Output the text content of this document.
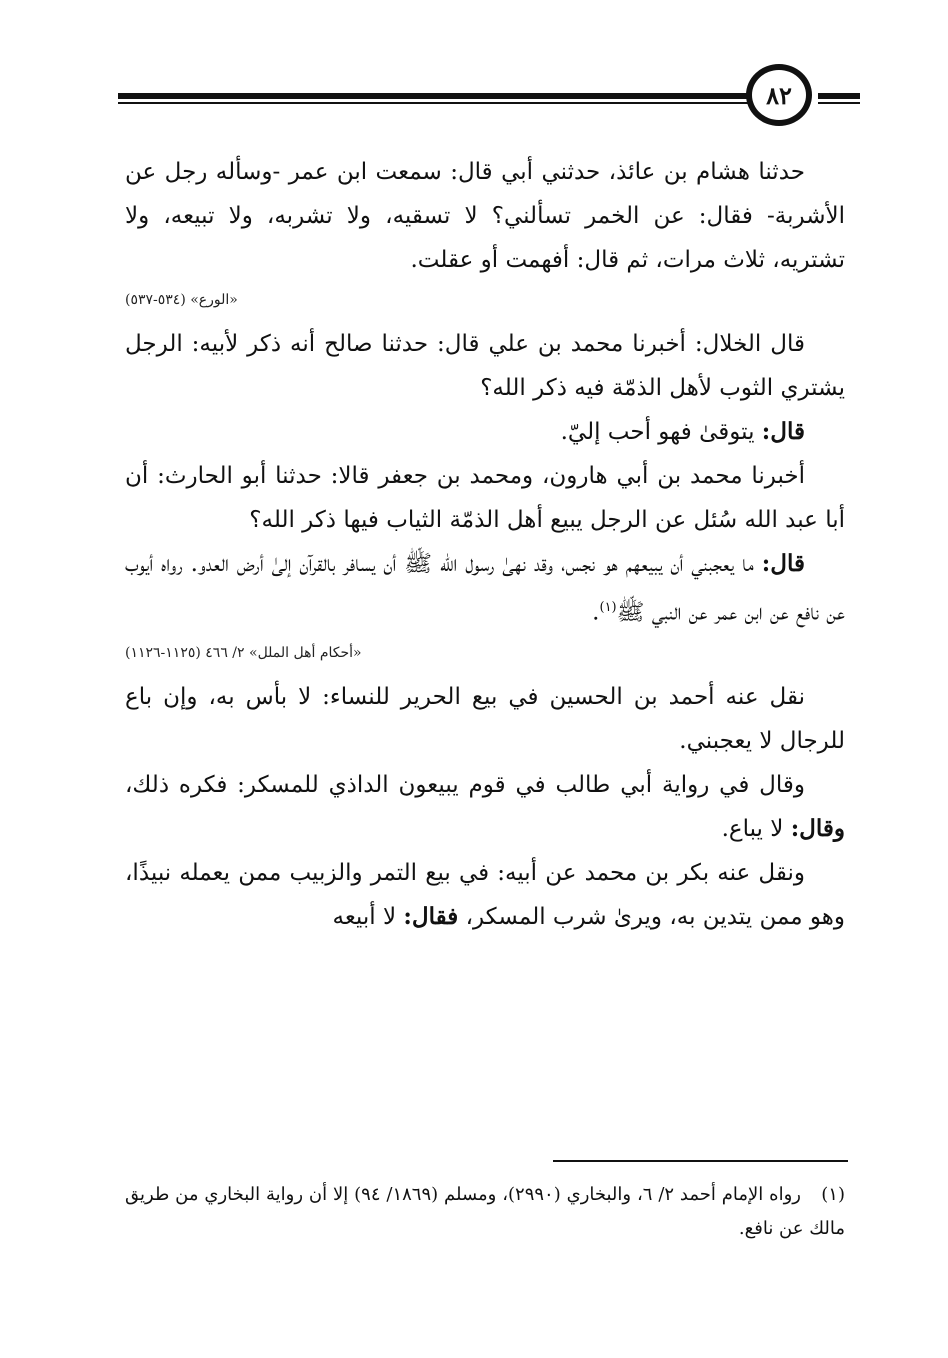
٨٢

حدثنا هشام بن عائذ، حدثني أبي قال: سمعت ابن عمر -وسأله رجل عن الأشربة- فقال: عن الخمر تسألني؟ لا تسقيه، ولا تشربه، ولا تبيعه، ولا تشتريه، ثلاث مرات، ثم قال: أفهمت أو عقلت.

«الورع» (٥٣٤-٥٣٧)

قال الخلال: أخبرنا محمد بن علي قال: حدثنا صالح أنه ذكر لأبيه: الرجل يشتري الثوب لأهل الذمّة فيه ذكر الله؟

قال: يتوقىٰ فهو أحب إليّ.

أخبرنا محمد بن أبي هارون، ومحمد بن جعفر قالا: حدثنا أبو الحارث: أن أبا عبد الله سُئل عن الرجل يبيع أهل الذمّة الثياب فيها ذكر الله؟

قال: ما يعجبني أن يبيعهم هو نجس، وقد نهىٰ رسول الله ﷺ أن يسافر بالقرآن إلىٰ أرض العدو. رواه أيوب عن نافع عن ابن عمر عن النبي ﷺ$^{(١)}$.

«أحكام أهل الملل» ٢/ ٤٦٦ (١١٢٥-١١٢٦)

نقل عنه أحمد بن الحسين في بيع الحرير للنساء: لا بأس به، وإن باع للرجال لا يعجبني.

وقال في رواية أبي طالب في قوم يبيعون الداذي للمسكر: فكره ذلك، وقال: لا يباع.

ونقل عنه بكر بن محمد عن أبيه: في بيع التمر والزبيب ممن يعمله نبيذًا، وهو ممن يتدين به، ويرىٰ شرب المسكر، فقال: لا أبيعه

(١)رواه الإمام أحمد ٢/ ٦، والبخاري (٢٩٩٠)، ومسلم (١٨٦٩/ ٩٤) إلا أن رواية البخاري من طريق مالك عن نافع.
